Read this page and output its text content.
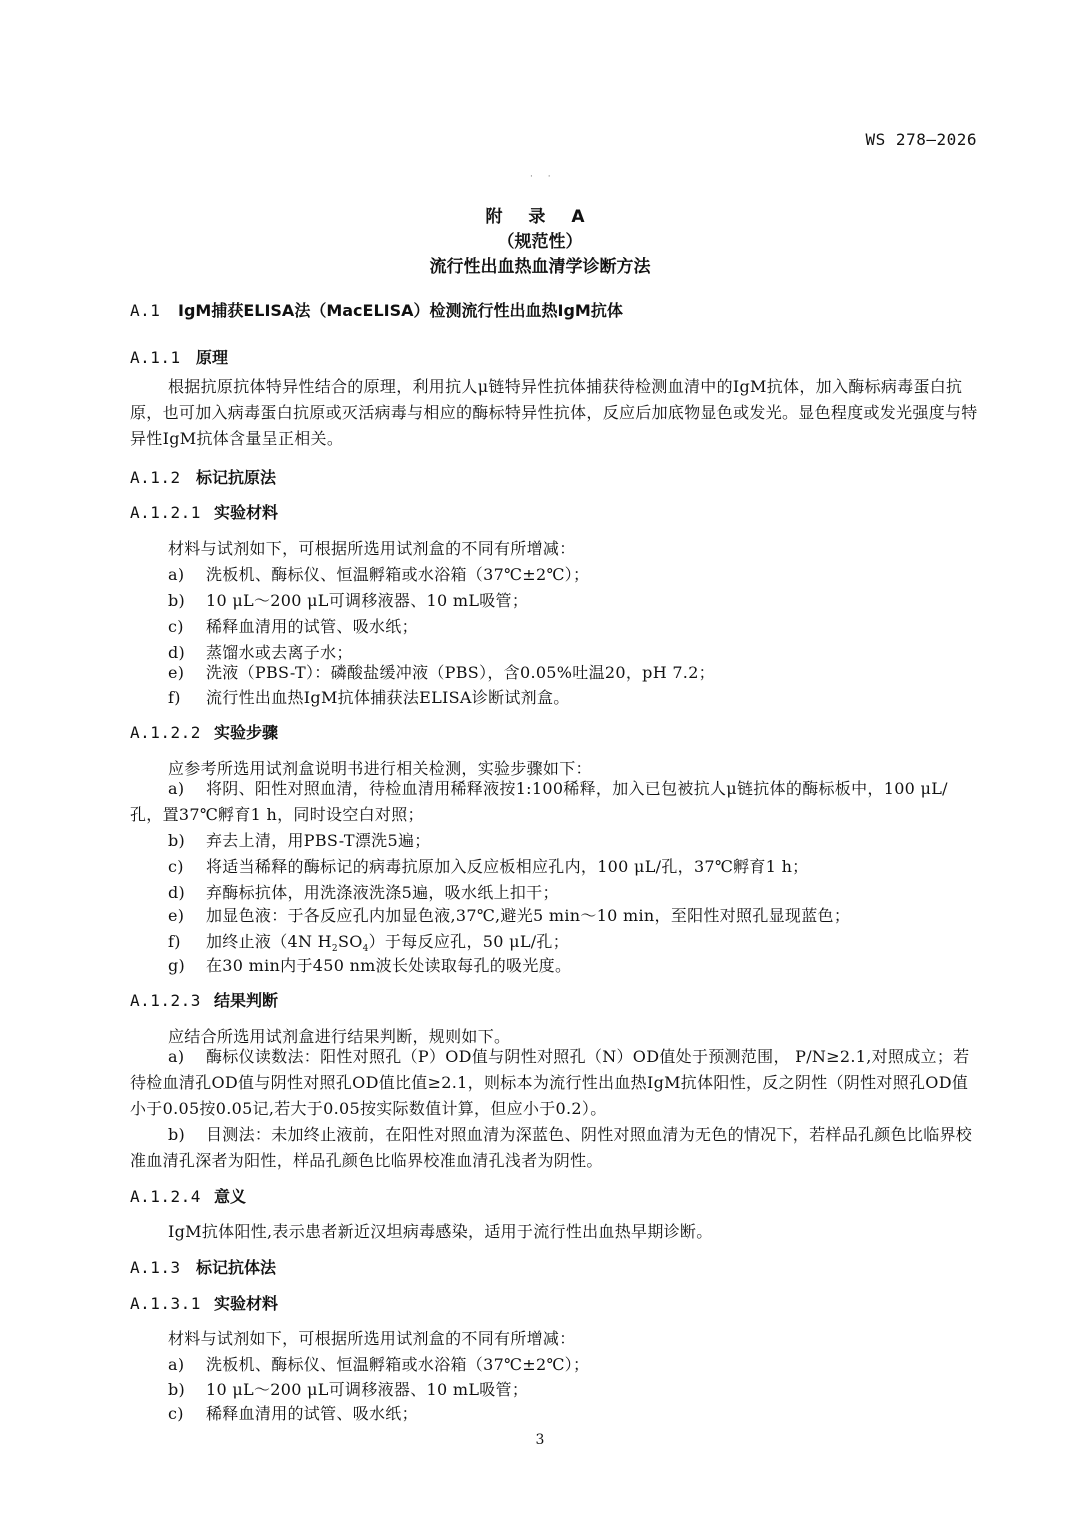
WS 278—2026
· ·
附 录 A
（规范性）
流行性出血热血清学诊断方法
A.1 IgM捕获ELISA法（MacELISA）检测流行性出血热IgM抗体
A.1.1 原理

根据抗原抗体特异性结合的原理，利用抗人μ链特异性抗体捕获待检测血清中的IgM抗体，加入酶标病毒蛋白抗原，也可加入病毒蛋白抗原或灭活病毒与相应的酶标特异性抗体，反应后加底物显色或发光。显色程度或发光强度与特异性IgM抗体含量呈正相关。

A.1.2 标记抗原法
A.1.2.1 实验材料
材料与试剂如下，可根据所选用试剂盒的不同有所增减：
a) 洗板机、酶标仪、恒温孵箱或水浴箱（37℃±2℃）；
b) 10 μL～200 μL可调移液器、10 mL吸管；
c) 稀释血清用的试管、吸水纸；
d) 蒸馏水或去离子水；
e) 洗液（PBS-T）：磷酸盐缓冲液（PBS），含0.05%吐温20，pH 7.2；
f) 流行性出血热IgM抗体捕获法ELISA诊断试剂盒。
A.1.2.2 实验步骤
应参考所选用试剂盒说明书进行相关检测，实验步骤如下：

a) 将阴、阳性对照血清，待检血清用稀释液按1:100稀释，加入已包被抗人μ链抗体的酶标板中，100 μL/孔，置37℃孵育1 h，同时设空白对照；

b) 弃去上清，用PBS-T漂洗5遍；
c) 将适当稀释的酶标记的病毒抗原加入反应板相应孔内，100 μL/孔，37℃孵育1 h；
d) 弃酶标抗体，用洗涤液洗涤5遍，吸水纸上扣干；
e) 加显色液：于各反应孔内加显色液,37℃,避光5 min～10 min，至阳性对照孔显现蓝色；
f) 加终止液（4N $H_2SO_4$）于每反应孔，50 μL/孔；
g) 在30 min内于450 nm波长处读取每孔的吸光度。
A.1.2.3 结果判断
应结合所选用试剂盒进行结果判断，规则如下。

a) 酶标仪读数法：阳性对照孔（P）OD值与阴性对照孔（N）OD值处于预测范围， P/N≥2.1,对照成立；若待检血清孔OD值与阴性对照孔OD值比值≥2.1，则标本为流行性出血热IgM抗体阳性，反之阴性（阴性对照孔OD值小于0.05按0.05记,若大于0.05按实际数值计算，但应小于0.2）。

b) 目测法：未加终止液前，在阳性对照血清为深蓝色、阴性对照血清为无色的情况下，若样品孔颜色比临界校准血清孔深者为阳性，样品孔颜色比临界校准血清孔浅者为阴性。

A.1.2.4 意义
IgM抗体阳性,表示患者新近汉坦病毒感染，适用于流行性出血热早期诊断。
A.1.3 标记抗体法
A.1.3.1 实验材料
材料与试剂如下，可根据所选用试剂盒的不同有所增减：
a) 洗板机、酶标仪、恒温孵箱或水浴箱（37℃±2℃）；
b) 10 μL～200 μL可调移液器、10 mL吸管；
c) 稀释血清用的试管、吸水纸；
3
